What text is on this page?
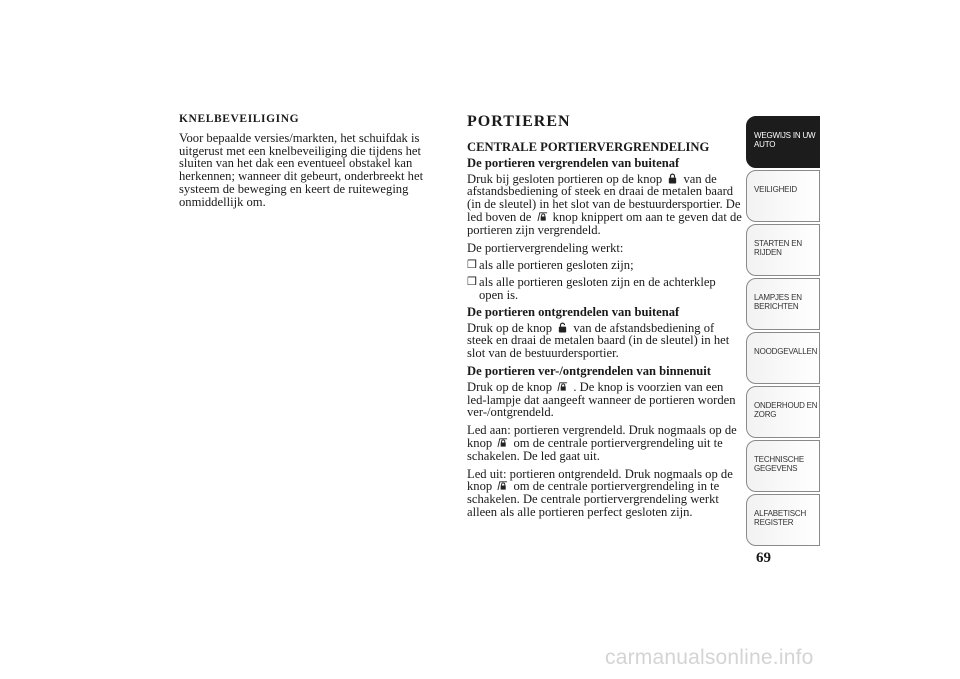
KNELBEVEILIGING

Voor bepaalde versies/markten, het schuifdak is uitgerust met een knelbeveiliging die tijdens het sluiten van het dak een eventueel obstakel kan herkennen; wanneer dit gebeurt, onderbreekt het systeem de beweging en keert de ruiteweging onmiddellijk om.

PORTIEREN
CENTRALE PORTIERVERGRENDELING
De portieren vergrendelen van buitenaf

Druk bij gesloten portieren op de knop van de afstandsbediening of steek en draai de metalen baard (in de sleutel) in het slot van de bestuurdersportier. De led boven de knop knippert om aan te geven dat de portieren zijn vergrendeld.

De portiervergrendeling werkt:

❒ als alle portieren gesloten zijn;
❒ als alle portieren gesloten zijn en de achterklep open is.
De portieren ontgrendelen van buitenaf

Druk op de knop van de afstandsbediening of steek en draai de metalen baard (in de sleutel) in het slot van de bestuurdersportier.

De portieren ver-/ontgrendelen van binnenuit

Druk op de knop . De knop is voorzien van een led-lampje dat aangeeft wanneer de portieren worden ver-/ontgrendeld.

Led aan: portieren vergrendeld. Druk nogmaals op de knop om de centrale portiervergrendeling uit te schakelen. De led gaat uit.

Led uit: portieren ontgrendeld. Druk nogmaals op de knop om de centrale portiervergrendeling in te schakelen. De centrale portiervergrendeling werkt alleen als alle portieren perfect gesloten zijn.

WEGWIJS IN UW AUTO
VEILIGHEID
STARTEN EN RIJDEN
LAMPJES EN BERICHTEN
NOODGEVALLEN
ONDERHOUD EN ZORG
TECHNISCHE GEGEVENS
ALFABETISCH REGISTER
69
carmanualsonline.info
